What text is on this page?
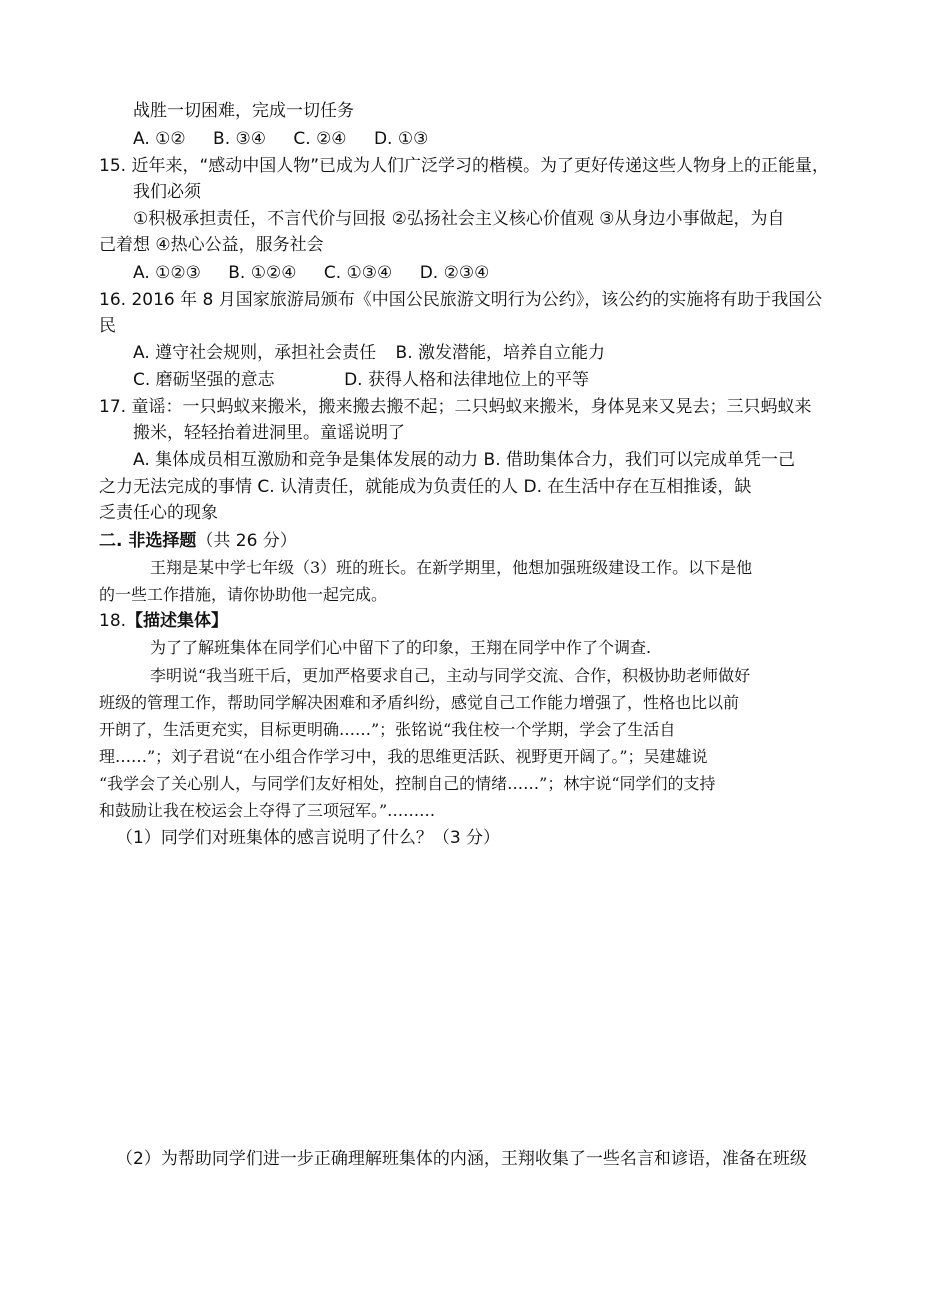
战胜一切困难，完成一切任务
A. ①② B. ③④ C. ②④ D. ①③
15. 近年来，“感动中国人物”已成为人们广泛学习的楷模。为了更好传递这些人物身上的正能量，
我们必须
①积极承担责任，不言代价与回报 ②弘扬社会主义核心价值观 ③从身边小事做起，为自
己着想 ④热心公益，服务社会
A. ①②③ B. ①②④ C. ①③④ D. ②③④
16. 2016 年 8 月国家旅游局颁布《中国公民旅游文明行为公约》，该公约的实施将有助于我国公
民
A. 遵守社会规则，承担社会责任 B. 激发潜能，培养自立能力
C. 磨砺坚强的意志	D. 获得人格和法律地位上的平等
17. 童谣：一只蚂蚁来搬米，搬来搬去搬不起；二只蚂蚁来搬米，身体晃来又晃去；三只蚂蚁来
搬米，轻轻抬着进洞里。童谣说明了
A. 集体成员相互激励和竞争是集体发展的动力 B. 借助集体合力，我们可以完成单凭一己
之力无法完成的事情 C. 认清责任，就能成为负责任的人 D. 在生活中存在互相推诿，缺
乏责任心的现象
二. 非选择题（共 26 分）
王翔是某中学七年级（3）班的班长。在新学期里，他想加强班级建设工作。以下是他
的一些工作措施，请你协助他一起完成。
18.【描述集体】
为了了解班集体在同学们心中留下了的印象，王翔在同学中作了个调查.
李明说“我当班干后，更加严格要求自己，主动与同学交流、合作，积极协助老师做好
班级的管理工作，帮助同学解决困难和矛盾纠纷，感觉自己工作能力增强了，性格也比以前
开朗了，生活更充实，目标更明确……”；张铭说“我住校一个学期，学会了生活自
理……”；刘子君说“在小组合作学习中，我的思维更活跃、视野更开阔了。”；吴建雄说
“我学会了关心别人，与同学们友好相处，控制自己的情绪……”；林宇说“同学们的支持
和鼓励让我在校运会上夺得了三项冠军。”………
（1）同学们对班集体的感言说明了什么？（3 分）
（2）为帮助同学们进一步正确理解班集体的内涵，王翔收集了一些名言和谚语，准备在班级
